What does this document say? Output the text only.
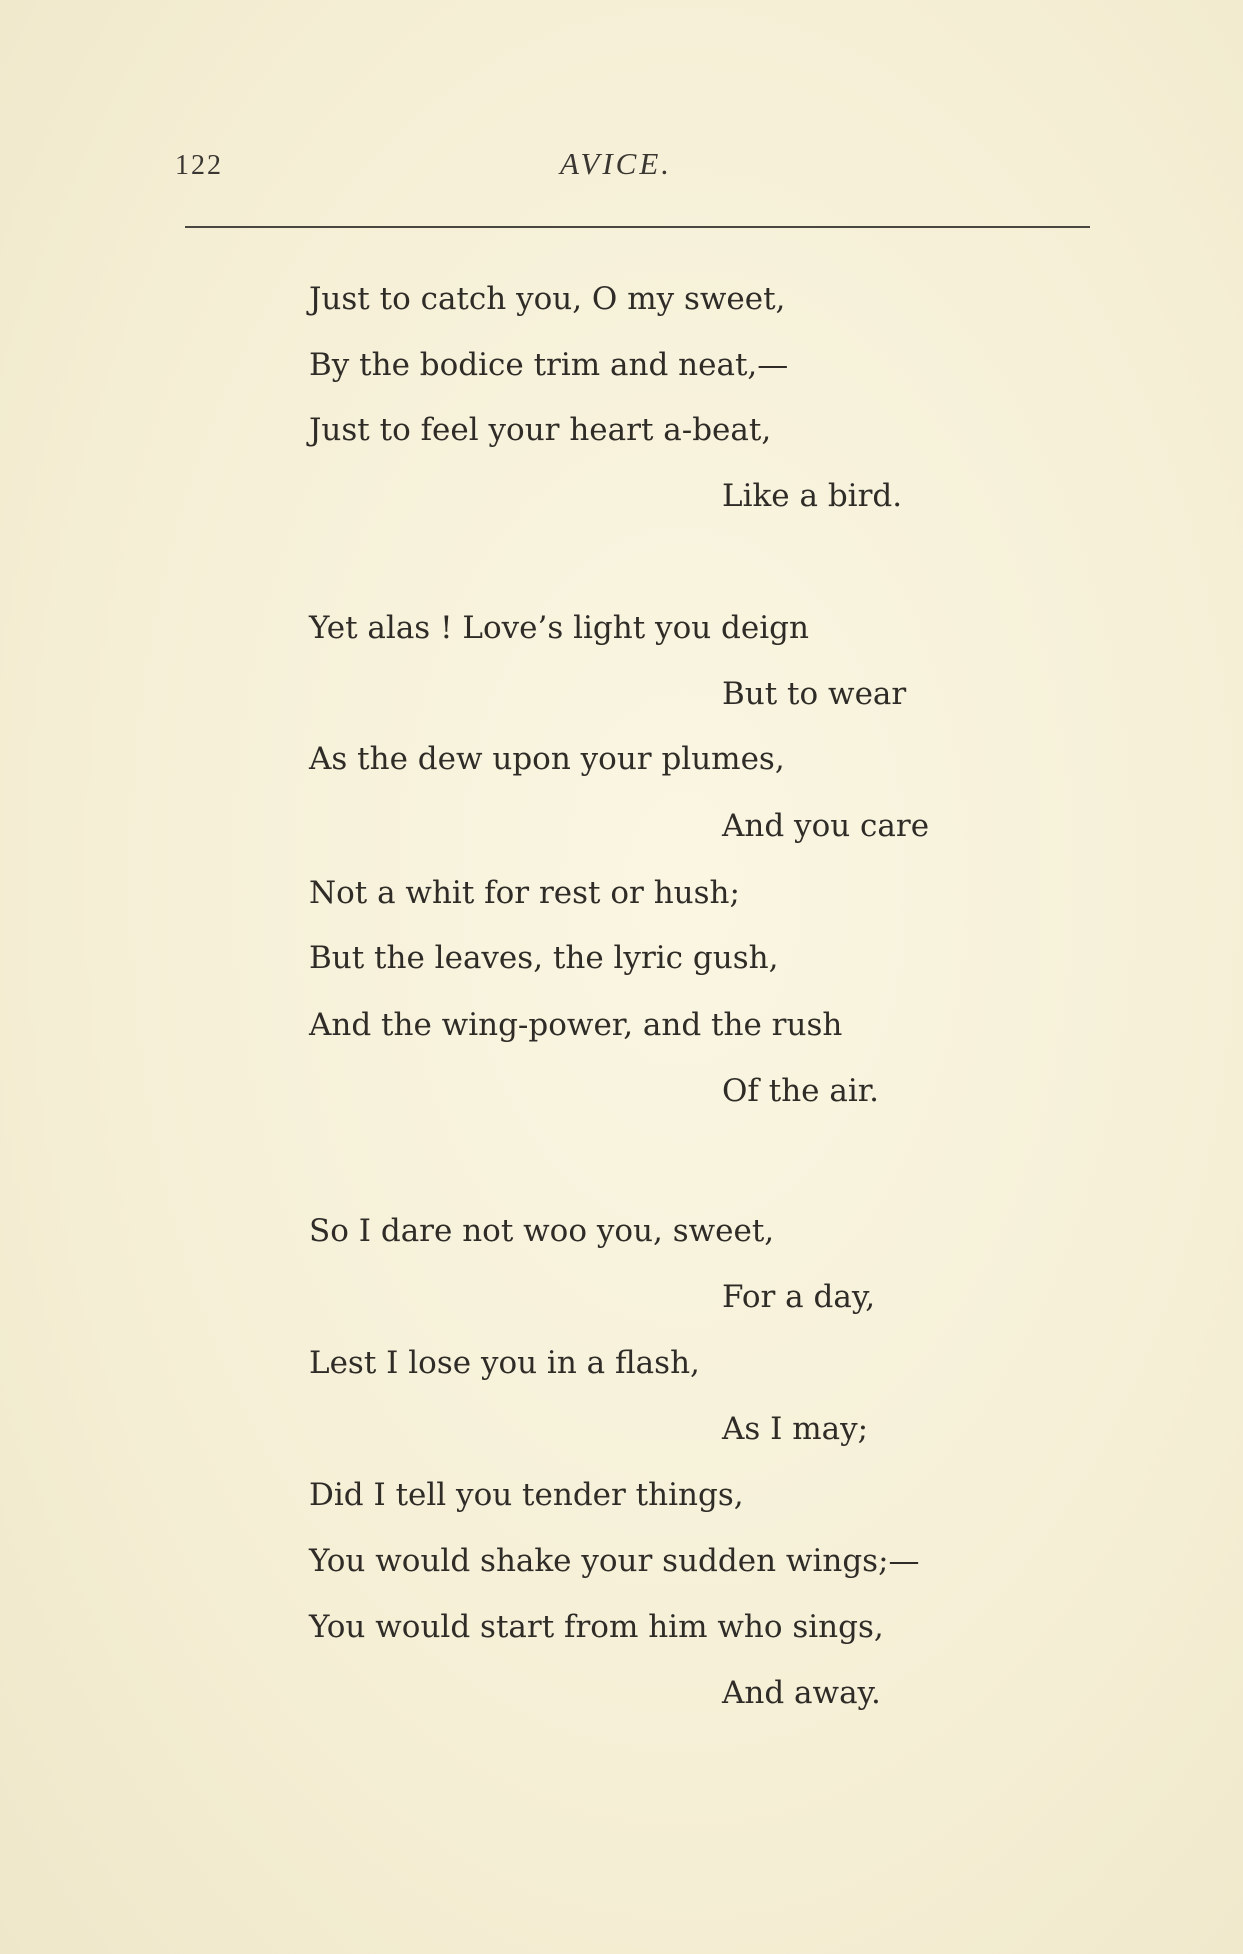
122	AVICE.
Just to catch you, O my sweet,
By the bodice trim and neat,—
Just to feel your heart a-beat,
Like a bird.
Yet alas ! Love’s light you deign
But to wear
As the dew upon your plumes,
And you care
Not a whit for rest or hush;
But the leaves, the lyric gush,
And the wing-power, and the rush
Of the air.
So I dare not woo you, sweet,
For a day,
Lest I lose you in a flash,
As I may;
Did I tell you tender things,
You would shake your sudden wings;—
You would start from him who sings,
And away.
